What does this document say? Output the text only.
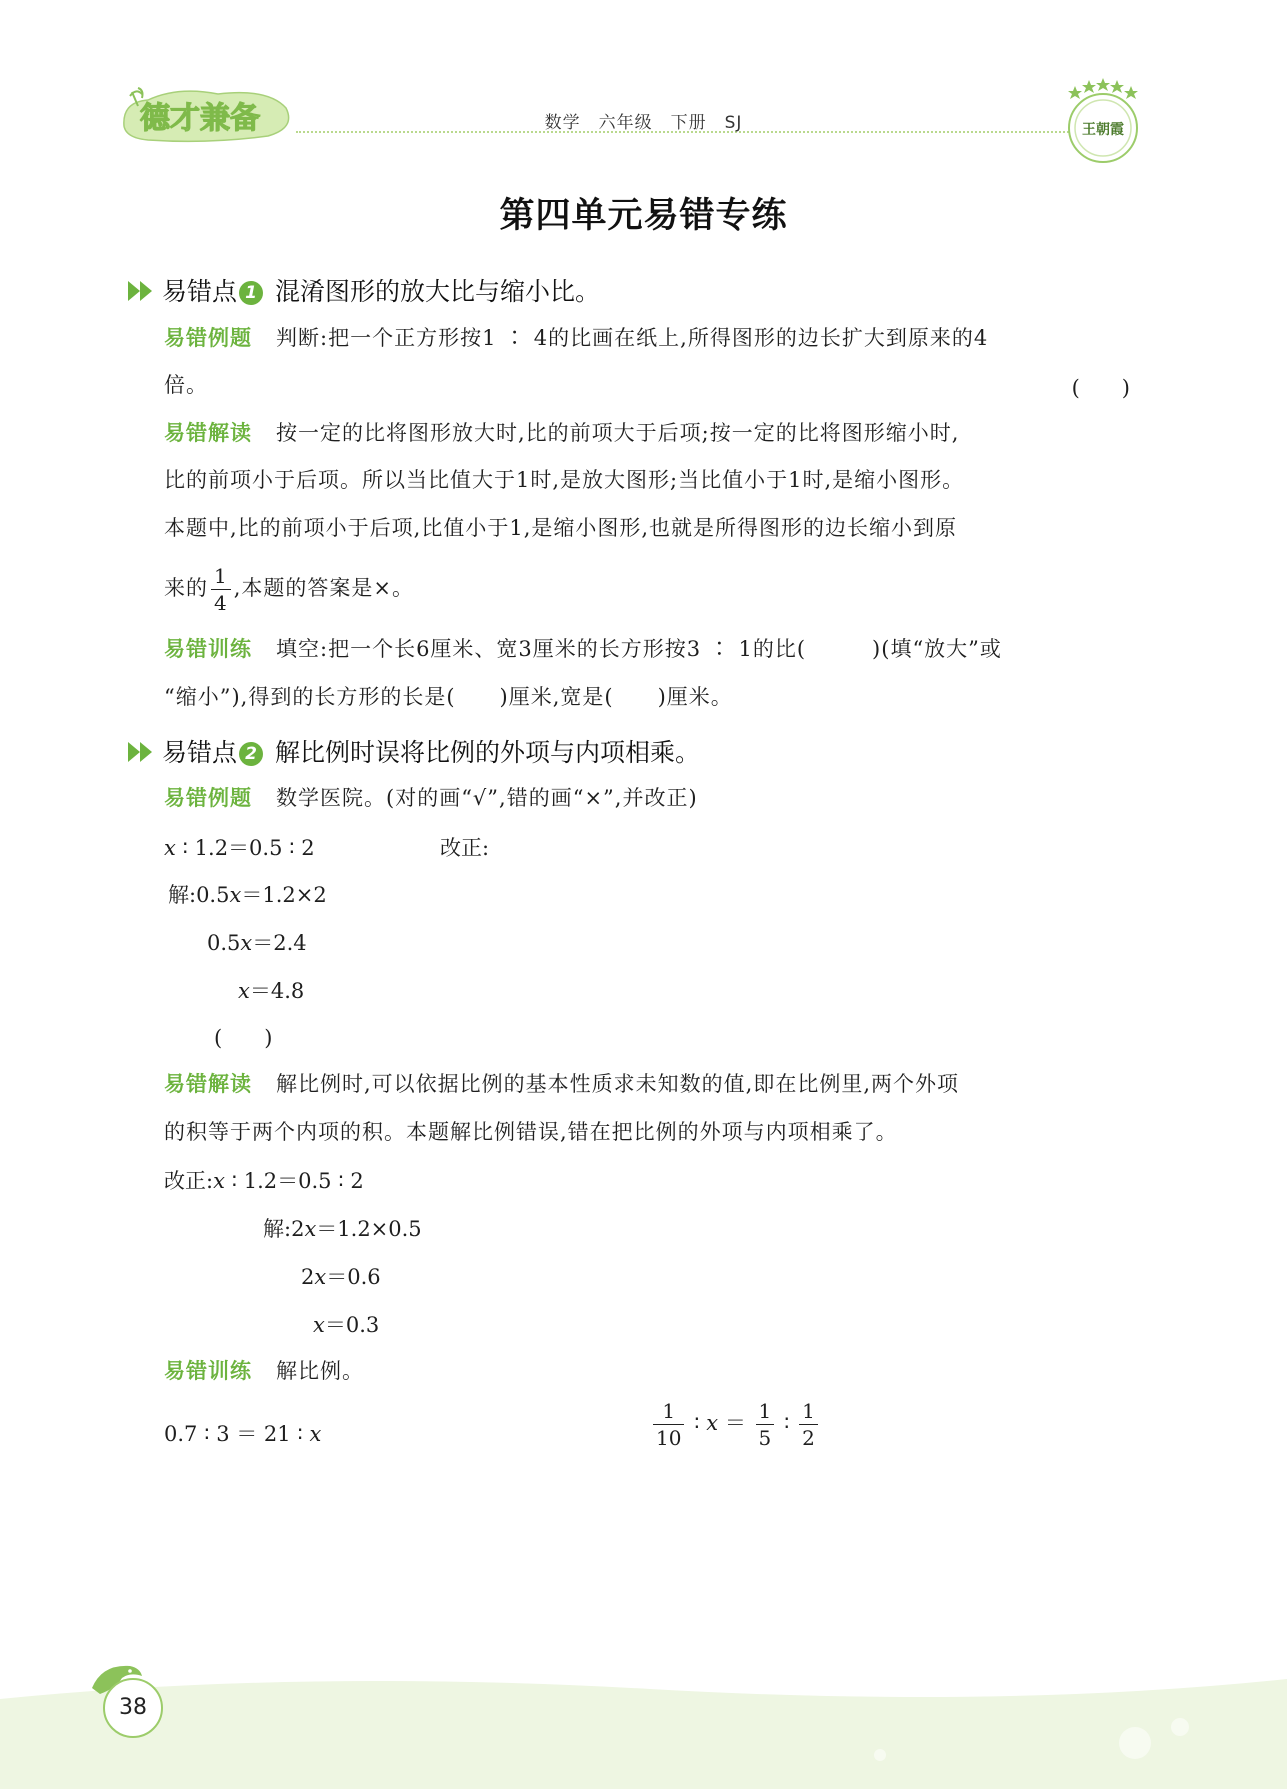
德才兼备	数学　六年级　下册　SJ	王朝霞
第四单元易错专练
易错点 1 混淆图形的放大比与缩小比。
易错例题 判断:把一个正方形按1 ∶ 4的比画在纸上,所得图形的边长扩大到原来的4
倍。	(　　)
易错解读 按一定的比将图形放大时,比的前项大于后项;按一定的比将图形缩小时,
比的前项小于后项。所以当比值大于1时,是放大图形;当比值小于1时,是缩小图形。
本题中,比的前项小于后项,比值小于1,是缩小图形,也就是所得图形的边长缩小到原
来的 $\frac{1}{4}$ ,本题的答案是×。
易错训练 填空:把一个长6厘米、宽3厘米的长方形按3 ∶ 1的比(　　　)(填“放大”或
“缩小”),得到的长方形的长是(　　)厘米,宽是(　　)厘米。
易错点 2 解比例时误将比例的外项与内项相乘。
易错例题 数学医院。(对的画“√”,错的画“×”,并改正)
x ∶ 1.2＝0.5 ∶ 2	改正:
解:0.5x＝1.2×2
0.5x＝2.4
x＝4.8
(　　)
易错解读 解比例时,可以依据比例的基本性质求未知数的值,即在比例里,两个外项
的积等于两个内项的积。本题解比例错误,错在把比例的外项与内项相乘了。
改正:x ∶ 1.2＝0.5 ∶ 2
解:2x＝1.2×0.5
2x＝0.6
x＝0.3
易错训练 解比例。
0.7 ∶ 3 ＝ 21 ∶ x	$\frac{1}{10}$ ∶ $x = \frac{1}{5}$ ∶ $\frac{1}{2}$
38
